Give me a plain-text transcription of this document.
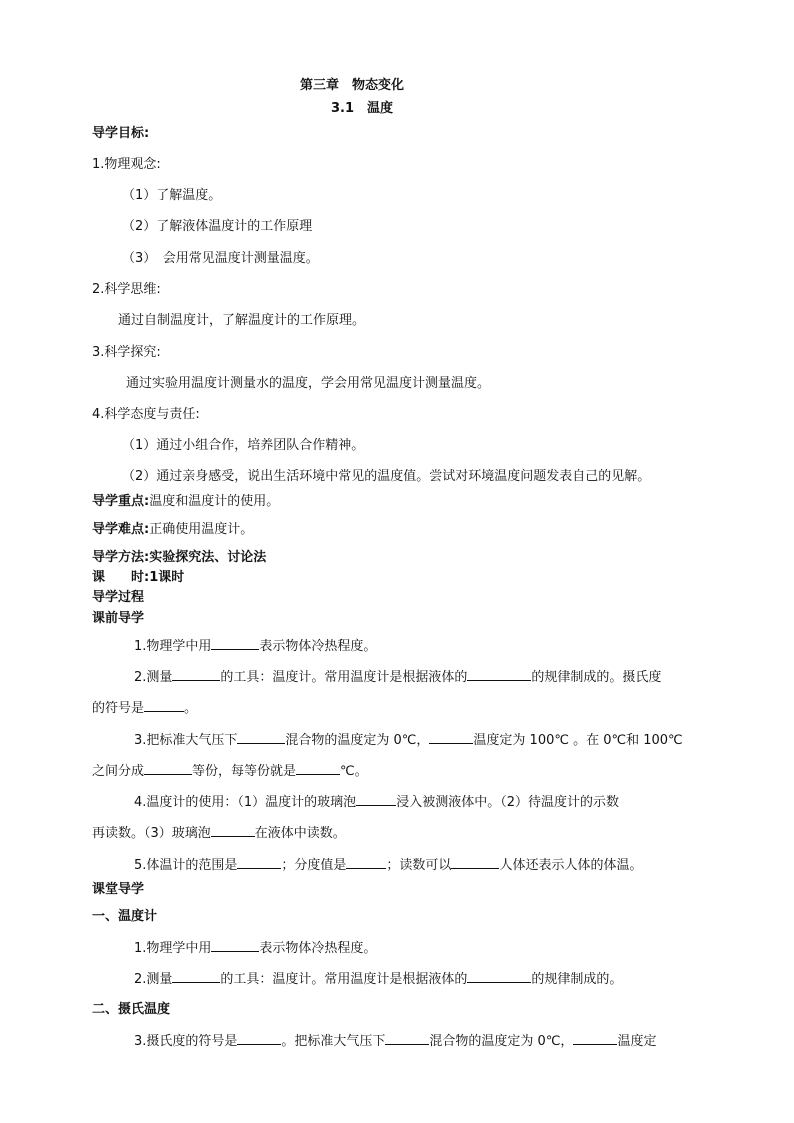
第三章　物态变化
3.1　温度
导学目标:
1.物理观念:
（1）了解温度。
（2）了解液体温度计的工作原理
（3）　会用常见温度计测量温度。
2.科学思维:
通过自制温度计，了解温度计的工作原理。
3.科学探究:
通过实验用温度计测量水的温度，学会用常见温度计测量温度。
4.科学态度与责任:
（1）通过小组合作，培养团队合作精神。
（2）通过亲身感受，说出生活环境中常见的温度值。尝试对环境温度问题发表自己的见解。
导学重点:温度和温度计的使用。
导学难点:正确使用温度计。
导学方法:实验探究法、讨论法
课　　时:1课时
导学过程
课前导学
1.物理学中用	表示物体冷热程度。
2.测量	的工具：温度计。常用温度计是根据液体的	的规律制成的。摄氏度
的符号是	。
3.把标准大气压下	混合物的温度定为 0℃，	温度定为 100℃ 。在 0℃和 100℃
之间分成	等份，每等份就是	℃。
4.温度计的使用：（1）温度计的玻璃泡	浸入被测液体中。（2）待温度计的示数
再读数。（3）玻璃泡	在液体中读数。
5.体温计的范围是	；分度值是	；读数可以	人体还表示人体的体温。
课堂导学
一、温度计
1.物理学中用	表示物体冷热程度。
2.测量	的工具：温度计。常用温度计是根据液体的	的规律制成的。
二、摄氏温度
3.摄氏度的符号是	。把标准大气压下	混合物的温度定为 0℃，	温度定
